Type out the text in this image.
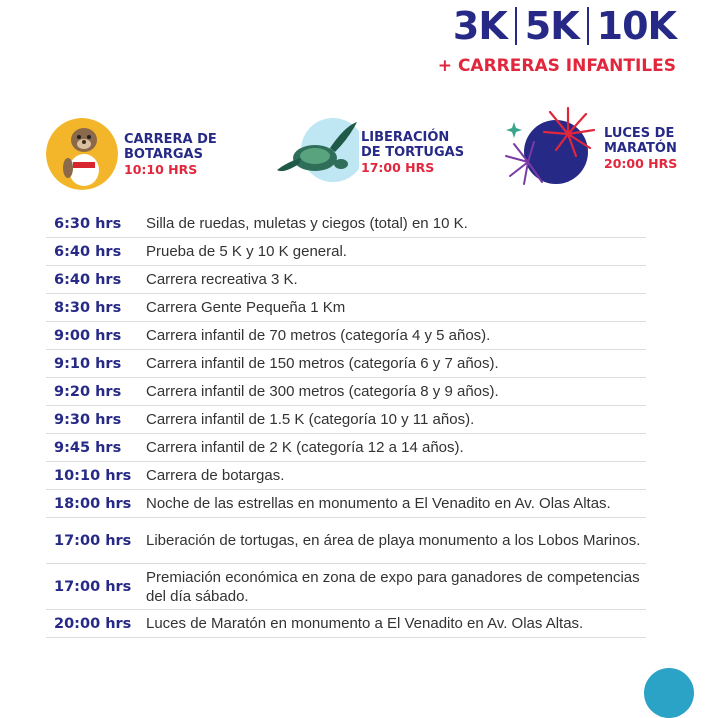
3K 5K 10K
+ CARRERAS INFANTILES
CARRERA DE
BOTARGAS
10:10 HRS
LIBERACIÓN
DE TORTUGAS
17:00 HRS
LUCES DE
MARATÓN
20:00 HRS
6:30 hrs	Silla de ruedas, muletas y ciegos (total) en 10 K.
6:40 hrs	Prueba de 5 K y 10 K general.
6:40 hrs	Carrera recreativa 3 K.
8:30 hrs	Carrera Gente Pequeña 1 Km
9:00 hrs	Carrera infantil de 70 metros (categoría 4 y 5 años).
9:10 hrs	Carrera infantil de 150 metros (categoría 6 y 7 años).
9:20 hrs	Carrera infantil de 300 metros (categoría 8 y 9 años).
9:30 hrs	Carrera infantil de 1.5 K (categoría 10 y 11 años).
9:45 hrs	Carrera infantil de 2 K (categoría 12 a 14 años).
10:10 hrs	Carrera de botargas.
18:00 hrs	Noche de las estrellas en monumento a El Venadito en Av. Olas Altas.
17:00 hrs	Liberación de tortugas, en área de playa monumento a los Lobos Marinos.
17:00 hrs	Premiación económica en zona de expo para ganadores de competencias del día sábado.
20:00 hrs	Luces de Maratón en monumento a El Venadito en Av. Olas Altas.
